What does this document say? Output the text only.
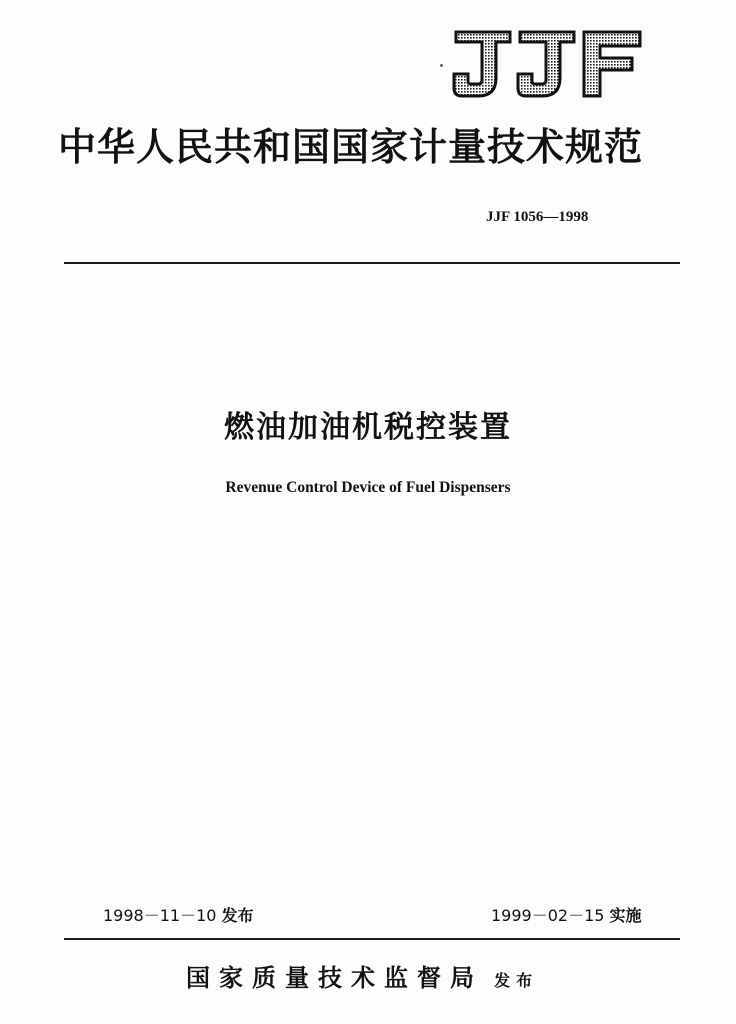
中华人民共和国国家计量技术规范
JJF 1056—1998
燃油加油机税控装置
Revenue Control Device of Fuel Dispensers
1998－11－10 发布	1999－02－15 实施
国家质量技术监督局 发布
